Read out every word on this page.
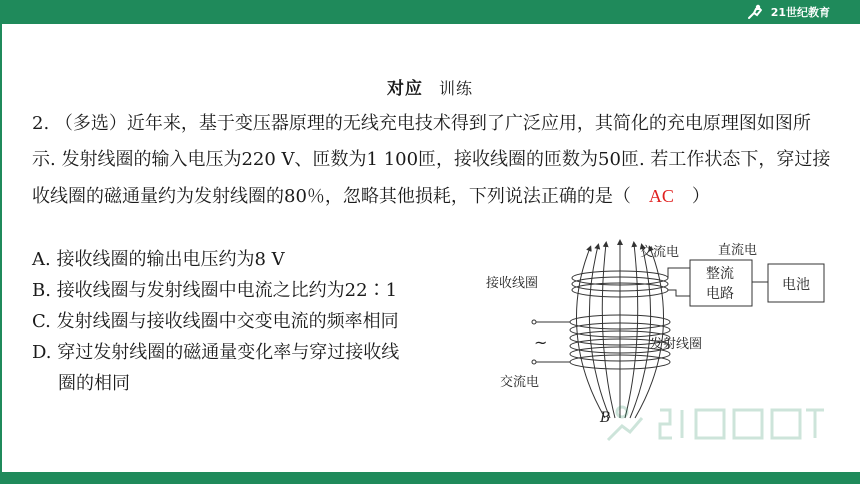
21世纪教育
对应 训练
2. （多选）近年来，基于变压器原理的无线充电技术得到了广泛应用，其简化的充电原理图如图所示. 发射线圈的输入电压为220 V、匝数为1 100匝，接收线圈的匝数为50匝. 若工作状态下，穿过接收线圈的磁通量约为发射线圈的80％，忽略其他损耗，下列说法正确的是（ AC ）
A. 接收线圈的输出电压约为8 V
B. 接收线圈与发射线圈中电流之比约为22∶1
C. 发射线圈与接收线圈中交变电流的频率相同
D. 穿过发射线圈的磁通量变化率与穿过接收线
圈的相同
交流电	直流电
接收线圈
整流
电路
电池
发射线圈
~
交流电
B
